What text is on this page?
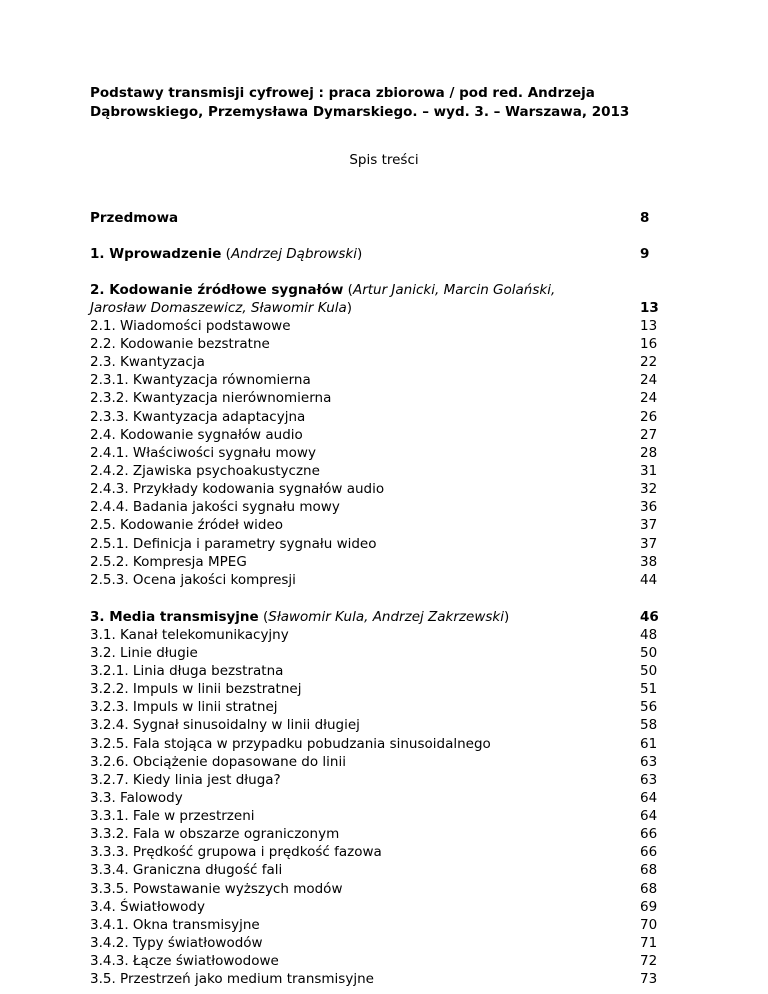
Podstawy transmisji cyfrowej : praca zbiorowa / pod red. Andrzeja
Dąbrowskiego, Przemysława Dymarskiego. – wyd. 3. – Warszawa, 2013
Spis treści
Przedmowa	8
1. Wprowadzenie (Andrzej Dąbrowski)	9
2. Kodowanie źródłowe sygnałów (Artur Janicki, Marcin Golański,
Jarosław Domaszewicz, Sławomir Kula)	13
2.1. Wiadomości podstawowe	13
2.2. Kodowanie bezstratne	16
2.3. Kwantyzacja	22
2.3.1. Kwantyzacja równomierna	24
2.3.2. Kwantyzacja nierównomierna	24
2.3.3. Kwantyzacja adaptacyjna	26
2.4. Kodowanie sygnałów audio	27
2.4.1. Właściwości sygnału mowy	28
2.4.2. Zjawiska psychoakustyczne	31
2.4.3. Przykłady kodowania sygnałów audio	32
2.4.4. Badania jakości sygnału mowy	36
2.5. Kodowanie źródeł wideo	37
2.5.1. Definicja i parametry sygnału wideo	37
2.5.2. Kompresja MPEG	38
2.5.3. Ocena jakości kompresji	44
3. Media transmisyjne (Sławomir Kula, Andrzej Zakrzewski)	46
3.1. Kanał telekomunikacyjny	48
3.2. Linie długie	50
3.2.1. Linia długa bezstratna	50
3.2.2. Impuls w linii bezstratnej	51
3.2.3. Impuls w linii stratnej	56
3.2.4. Sygnał sinusoidalny w linii długiej	58
3.2.5. Fala stojąca w przypadku pobudzania sinusoidalnego	61
3.2.6. Obciążenie dopasowane do linii	63
3.2.7. Kiedy linia jest długa?	63
3.3. Falowody	64
3.3.1. Fale w przestrzeni	64
3.3.2. Fala w obszarze ograniczonym	66
3.3.3. Prędkość grupowa i prędkość fazowa	66
3.3.4. Graniczna długość fali	68
3.3.5. Powstawanie wyższych modów	68
3.4. Światłowody	69
3.4.1. Okna transmisyjne	70
3.4.2. Typy światłowodów	71
3.4.3. Łącze światłowodowe	72
3.5. Przestrzeń jako medium transmisyjne	73
